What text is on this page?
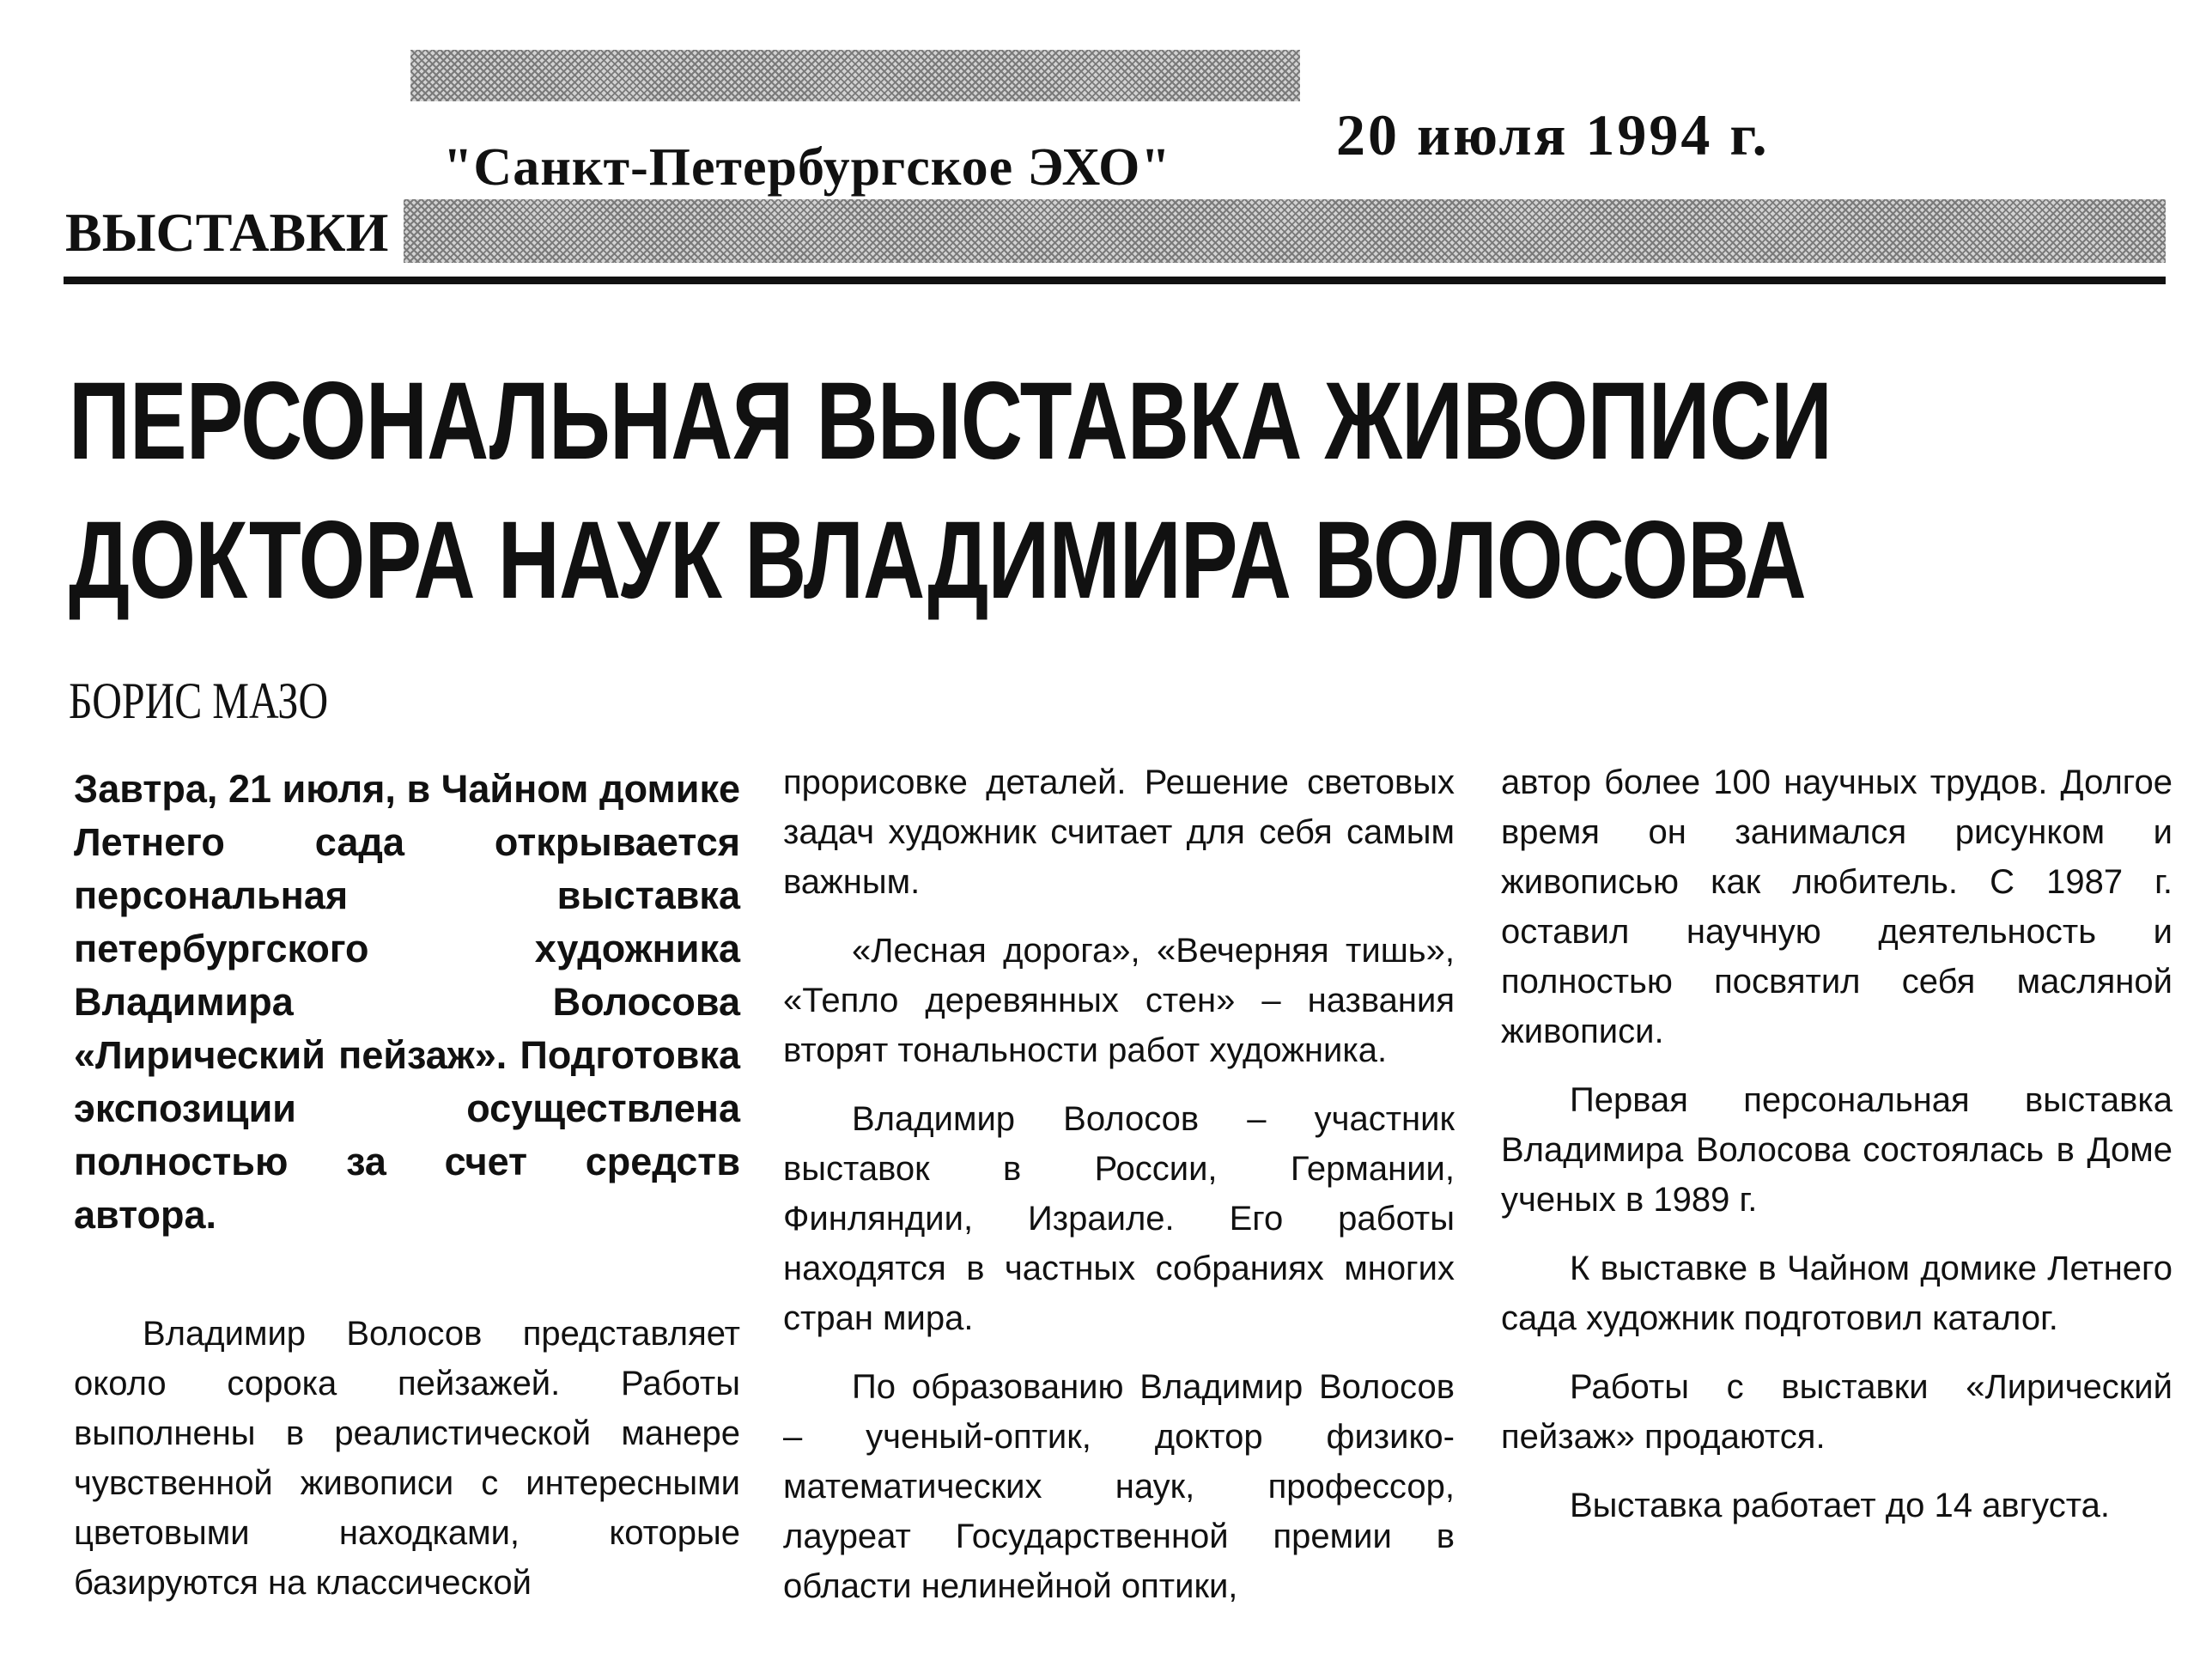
"Санкт-Петербургское ЭХО"	20 июля 1994 г.
ВЫСТАВКИ
ПЕРСОНАЛЬНАЯ ВЫСТАВКА ЖИВОПИСИ
ДОКТОРА НАУК ВЛАДИМИРА ВОЛОСОВА
БОРИС МАЗО

Завтра, 21 июля, в Чайном домике Летнего сада открывается персональная выставка петербургского художника Владимира Волосова «Лирический пейзаж». Подготовка экспозиции осуществлена полностью за счет средств автора.

Владимир Волосов представляет около сорока пейзажей. Работы выполнены в реалистической манере чувственной живописи с интересными цветовыми находками, которые базируются на классической

прорисовке деталей. Решение световых задач художник считает для себя самым важным.

«Лесная дорога», «Вечерняя тишь», «Тепло деревянных стен» – названия вторят тональности работ художника.

Владимир Волосов – участник выставок в России, Германии, Финляндии, Израиле. Его работы находятся в частных собраниях многих стран мира.

По образованию Владимир Волосов – ученый-оптик, доктор физико-математических наук, профессор, лауреат Государственной премии в области нелинейной оптики,

автор более 100 научных трудов. Долгое время он занимался рисунком и живописью как любитель. С 1987 г. оставил научную деятельность и полностью посвятил себя масляной живописи.

Первая персональная выставка Владимира Волосова состоялась в Доме ученых в 1989 г.

К выставке в Чайном домике Летнего сада художник подготовил каталог.

Работы с выставки «Лирический пейзаж» продаются.

Выставка работает до 14 августа.
